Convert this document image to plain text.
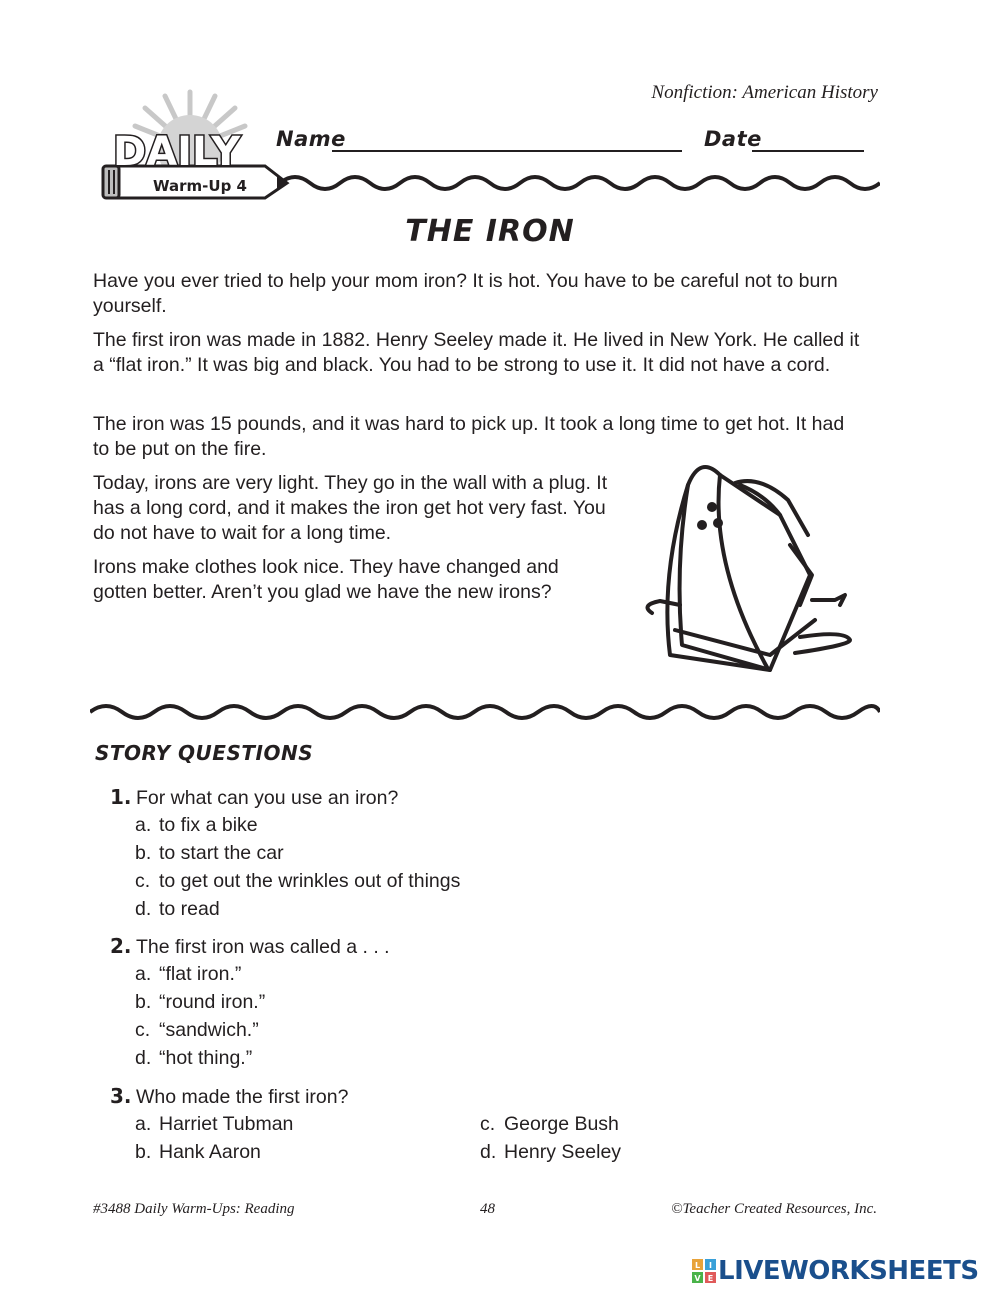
Nonfiction: American History
DAILY
Warm-Up 4
Name	Date
THE IRON

Have you ever tried to help your mom iron? It is hot. You have to be careful not to burn yourself.

The first iron was made in 1882. Henry Seeley made it. He lived in New York. He called it a “flat iron.” It was big and black. You had to be strong to use it. It did not have a cord.

The iron was 15 pounds, and it was hard to pick up. It took a long time to get hot. It had to be put on the fire.

Today, irons are very light. They go in the wall with a plug. It has a long cord, and it makes the iron get hot very fast. You do not have to wait for a long time.

Irons make clothes look nice. They have changed and gotten better. Aren’t you glad we have the new irons?

STORY QUESTIONS
1. For what can you use an iron?
a. to fix a bike
b. to start the car
c. to get out the wrinkles out of things
d. to read
2. The first iron was called a . . .
a. “flat iron.”
b. “round iron.”
c. “sandwich.”
d. “hot thing.”
3. Who made the first iron?
a. Harriet Tubman
b. Hank Aaron
c. George Bush
d. Henry Seeley
#3488 Daily Warm-Ups: Reading	48	©Teacher Created Resources, Inc.
L I
V E LIVEWORKSHEETS
